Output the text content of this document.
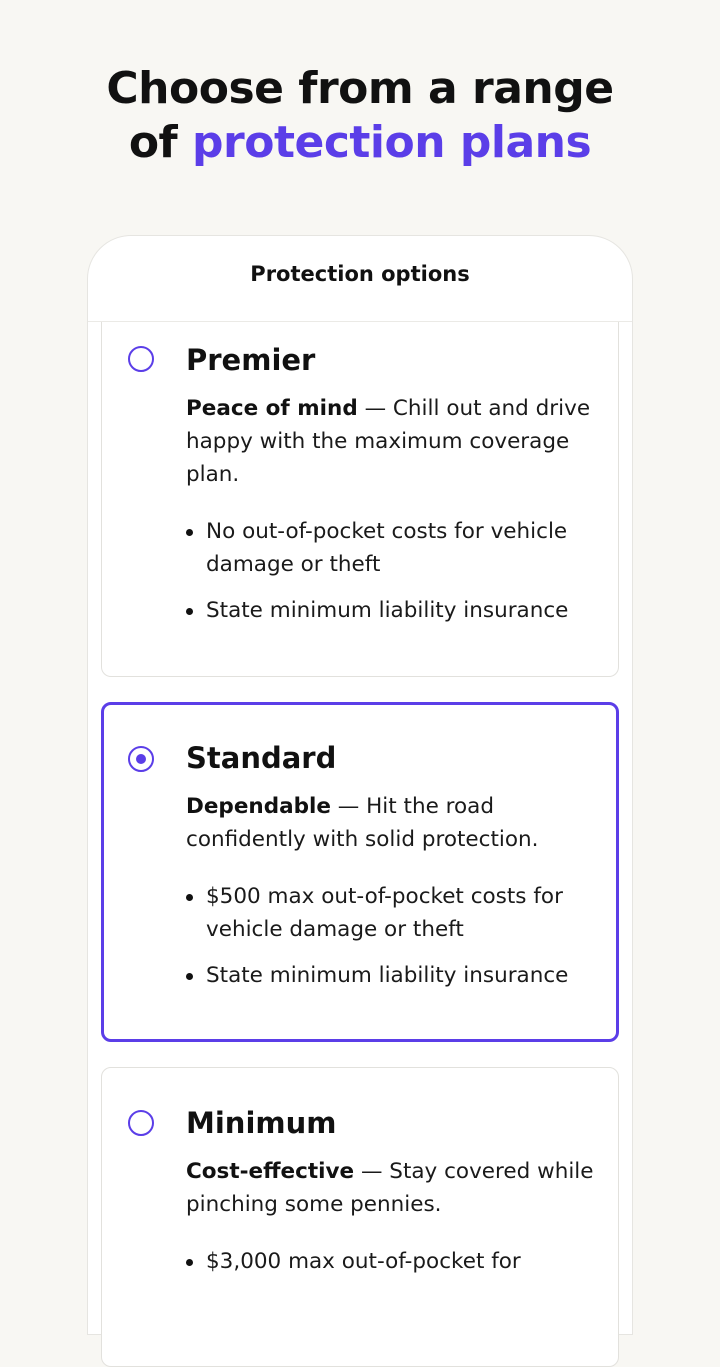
Choose from a range
of protection plans
Protection options
Premier

Peace of mind — Chill out and drive happy with the maximum coverage plan.

No out-of-pocket costs for vehicle damage or theft
State minimum liability insurance
Standard

Dependable — Hit the road confidently with solid protection.

$500 max out-of-pocket costs for vehicle damage or theft
State minimum liability insurance
Minimum

Cost-effective — Stay covered while pinching some pennies.

$3,000 max out-of-pocket for
